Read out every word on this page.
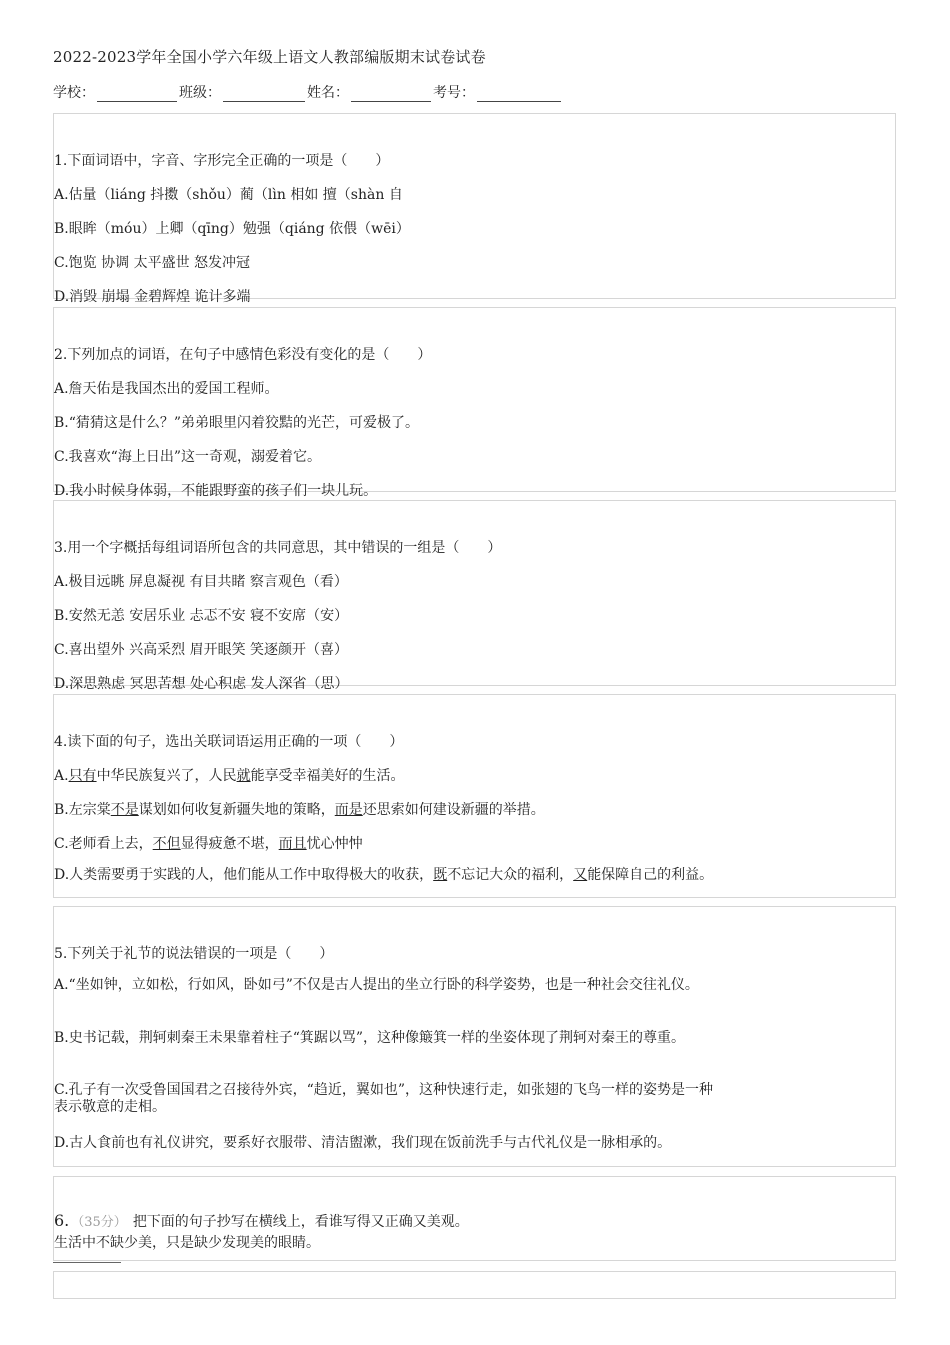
2022-2023学年全国小学六年级上语文人教部编版期末试卷试卷
学校：	班级：	姓名：	考号：
1.下面词语中，字音、字形完全正确的一项是（　　）
A.估量（liáng 抖擞（shǒu）蔺（lìn 相如 擅（shàn 自
B.眼眸（móu）上卿（qīng）勉强（qiáng 依偎（wēi）
C.饱览 协调 太平盛世 怒发冲冠
D.消毁 崩塌 金碧辉煌 诡计多端
2.下列加点的词语，在句子中感情色彩没有变化的是（　　）
A.詹天佑是我国杰出的爱国工程师。
B.“猜猜这是什么？”弟弟眼里闪着狡黠的光芒，可爱极了。
C.我喜欢“海上日出”这一奇观，溺爱着它。
D.我小时候身体弱，不能跟野蛮的孩子们一块儿玩。
3.用一个字概括每组词语所包含的共同意思，其中错误的一组是（　　）
A.极目远眺 屏息凝视 有目共睹 察言观色（看）
B.安然无恙 安居乐业 忐忑不安 寝不安席（安）
C.喜出望外 兴高采烈 眉开眼笑 笑逐颜开（喜）
D.深思熟虑 冥思苦想 处心积虑 发人深省（思）
4.读下面的句子，选出关联词语运用正确的一项（　　）
A.只有中华民族复兴了，人民就能享受幸福美好的生活。
B.左宗棠不是谋划如何收复新疆失地的策略，而是还思索如何建设新疆的举措。
C.老师看上去，不但显得疲惫不堪，而且忧心忡忡
D.人类需要勇于实践的人，他们能从工作中取得极大的收获，既不忘记大众的福利，又能保障自己的利益。
5.下列关于礼节的说法错误的一项是（　　）
A.“坐如钟，立如松，行如风，卧如弓”不仅是古人提出的坐立行卧的科学姿势，也是一种社会交往礼仪。
B.史书记载，荆轲刺秦王未果靠着柱子“箕踞以骂”，这种像簸箕一样的坐姿体现了荆轲对秦王的尊重。
C.孔子有一次受鲁国国君之召接待外宾，“趋近，翼如也”，这种快速行走，如张翅的飞鸟一样的姿势是一种表示敬意的走相。
D.古人食前也有礼仪讲究，要系好衣服带、清洁盥漱，我们现在饭前洗手与古代礼仪是一脉相承的。
6. （35分） 把下面的句子抄写在横线上，看谁写得又正确又美观。
生活中不缺少美，只是缺少发现美的眼睛。
